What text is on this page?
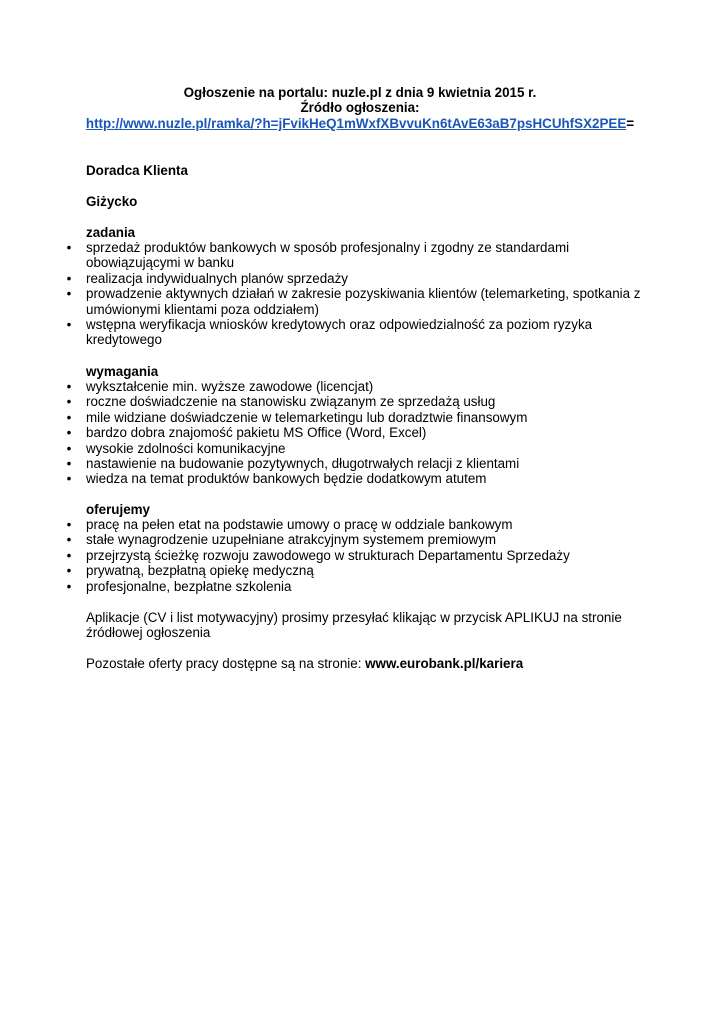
Ogłoszenie na portalu: nuzle.pl z dnia 9 kwietnia 2015 r.
Źródło ogłoszenia:
http://www.nuzle.pl/ramka/?h=jFvikHeQ1mWxfXBvvuKn6tAvE63aB7psHCUhfSX2PEE=
Doradca Klienta
Giżycko
zadania
• sprzedaż produktów bankowych w sposób profesjonalny i zgodny ze standardami obowiązującymi w banku
• realizacja indywidualnych planów sprzedaży
• prowadzenie aktywnych działań w zakresie pozyskiwania klientów (telemarketing, spotkania z umówionymi klientami poza oddziałem)
• wstępna weryfikacja wniosków kredytowych oraz odpowiedzialność za poziom ryzyka kredytowego
wymagania
• wykształcenie min. wyższe zawodowe (licencjat)
• roczne doświadczenie na stanowisku związanym ze sprzedażą usług
• mile widziane doświadczenie w telemarketingu lub doradztwie finansowym
• bardzo dobra znajomość pakietu MS Office (Word, Excel)
• wysokie zdolności komunikacyjne
• nastawienie na budowanie pozytywnych, długotrwałych relacji z klientami
• wiedza na temat produktów bankowych będzie dodatkowym atutem
oferujemy
• pracę na pełen etat na podstawie umowy o pracę w oddziale bankowym
• stałe wynagrodzenie uzupełniane atrakcyjnym systemem premiowym
• przejrzystą ścieżkę rozwoju zawodowego w strukturach Departamentu Sprzedaży
• prywatną, bezpłatną opiekę medyczną
• profesjonalne, bezpłatne szkolenia
Aplikacje (CV i list motywacyjny) prosimy przesyłać klikając w przycisk APLIKUJ na stronie źródłowej ogłoszenia
Pozostałe oferty pracy dostępne są na stronie: www.eurobank.pl/kariera
